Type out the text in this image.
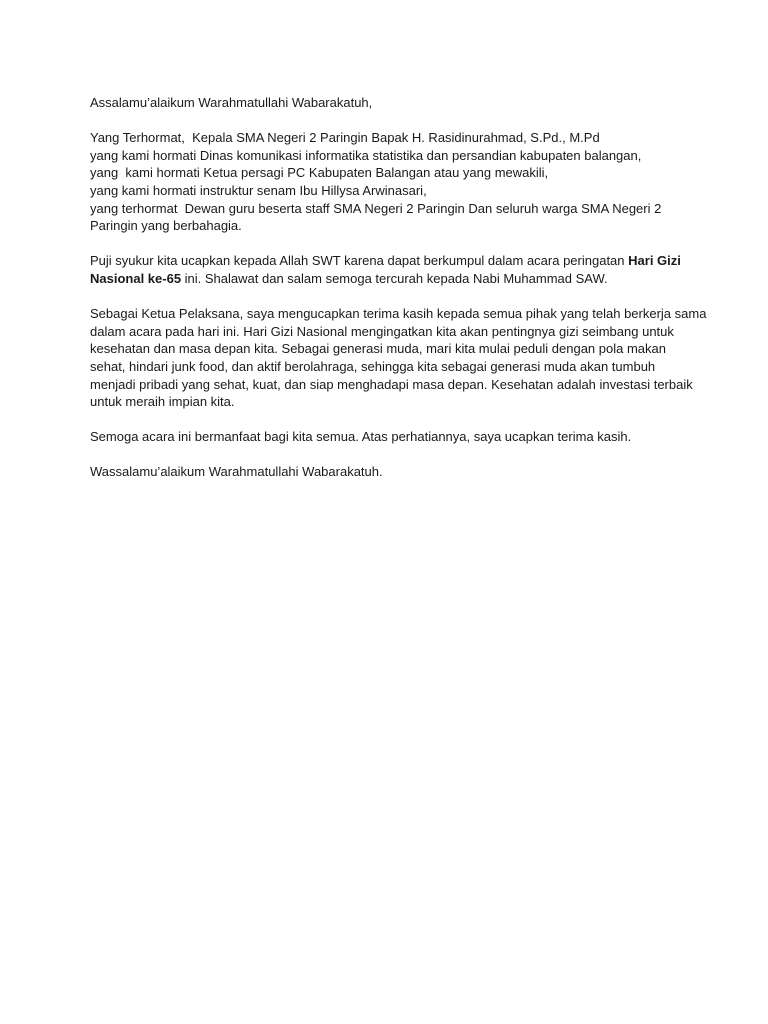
Assalamu’alaikum Warahmatullahi Wabarakatuh,

Yang Terhormat,  Kepala SMA Negeri 2 Paringin Bapak H. Rasidinurahmad, S.Pd., M.Pd
yang kami hormati Dinas komunikasi informatika statistika dan persandian kabupaten balangan,
yang  kami hormati Ketua persagi PC Kabupaten Balangan atau yang mewakili,
yang kami hormati instruktur senam Ibu Hillysa Arwinasari,
yang terhormat  Dewan guru beserta staff SMA Negeri 2 Paringin Dan seluruh warga SMA Negeri 2
Paringin yang berbahagia.

Puji syukur kita ucapkan kepada Allah SWT karena dapat berkumpul dalam acara peringatan Hari Gizi
Nasional ke-65 ini. Shalawat dan salam semoga tercurah kepada Nabi Muhammad SAW.

Sebagai Ketua Pelaksana, saya mengucapkan terima kasih kepada semua pihak yang telah berkerja sama
dalam acara pada hari ini. Hari Gizi Nasional mengingatkan kita akan pentingnya gizi seimbang untuk
kesehatan dan masa depan kita. Sebagai generasi muda, mari kita mulai peduli dengan pola makan
sehat, hindari junk food, dan aktif berolahraga, sehingga kita sebagai generasi muda akan tumbuh
menjadi pribadi yang sehat, kuat, dan siap menghadapi masa depan. Kesehatan adalah investasi terbaik
untuk meraih impian kita.

Semoga acara ini bermanfaat bagi kita semua. Atas perhatiannya, saya ucapkan terima kasih.

Wassalamu’alaikum Warahmatullahi Wabarakatuh.
